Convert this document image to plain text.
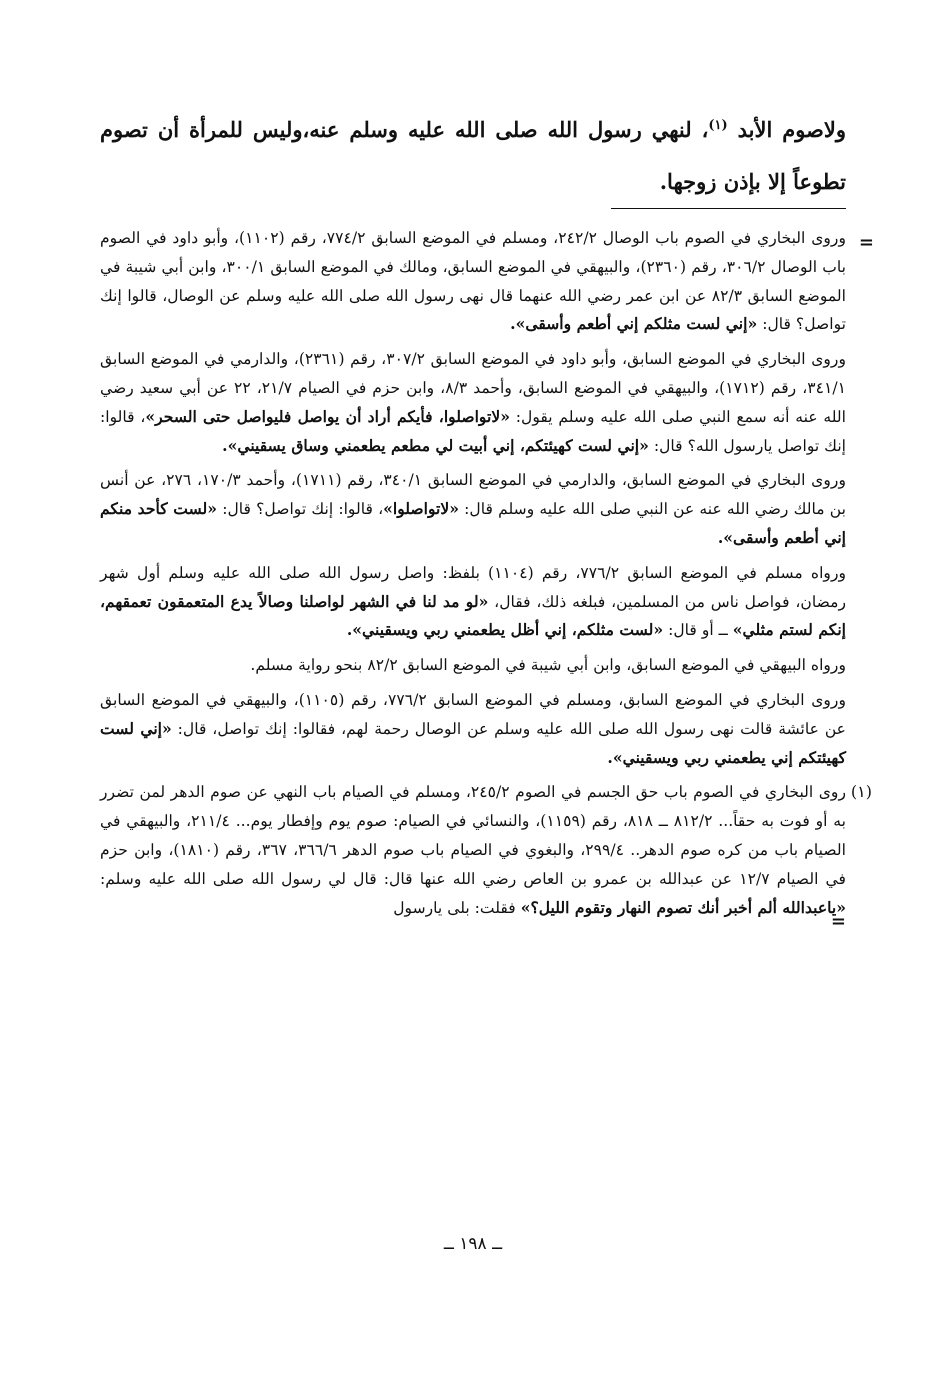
ولاصوم الأبد $^{(١)}$، لنهي رسول الله صلى الله عليه وسلم عنه،وليس للمرأة أن تصوم تطوعاً إلا بإذن زوجها.

=

وروى البخاري في الصوم باب الوصال ٢٤٢/٢، ومسلم في الموضع السابق ٧٧٤/٢، رقم (١١٠٢)، وأبو داود في الصوم باب الوصال ٣٠٦/٢، رقم (٢٣٦٠)، والبيهقي في الموضع السابق، ومالك في الموضع السابق ٣٠٠/١، وابن أبي شيبة في الموضع السابق ٨٢/٣ عن ابن عمر رضي الله عنهما قال نهى رسول الله صلى الله عليه وسلم عن الوصال، قالوا إنك تواصل؟ قال: «إني لست مثلكم إني أطعم وأسقى».

وروى البخاري في الموضع السابق، وأبو داود في الموضع السابق ٣٠٧/٢، رقم (٢٣٦١)، والدارمي في الموضع السابق ٣٤١/١، رقم (١٧١٢)، والبيهقي في الموضع السابق، وأحمد ٨/٣، وابن حزم في الصيام ٢١/٧، ٢٢ عن أبي سعيد رضي الله عنه أنه سمع النبي صلى الله عليه وسلم يقول: «لاتواصلوا، فأيكم أراد أن يواصل فليواصل حتى السحر»، قالوا: إنك تواصل يارسول الله؟ قال: «إني لست كهيئتكم، إني أبيت لي مطعم يطعمني وساق يسقيني».

وروى البخاري في الموضع السابق، والدارمي في الموضع السابق ٣٤٠/١، رقم (١٧١١)، وأحمد ١٧٠/٣، ٢٧٦، عن أنس بن مالك رضي الله عنه عن النبي صلى الله عليه وسلم قال: «لاتواصلوا»، قالوا: إنك تواصل؟ قال: «لست كأحد منكم إني أطعم وأسقى».

ورواه مسلم في الموضع السابق ٧٧٦/٢، رقم (١١٠٤) بلفظ: واصل رسول الله صلى الله عليه وسلم أول شهر رمضان، فواصل ناس من المسلمين، فبلغه ذلك، فقال، «لو مد لنا في الشهر لواصلنا وصالاً يدع المتعمقون تعمقهم، إنكم لستم مثلي» ــ أو قال: «لست مثلكم، إني أظل يطعمني ربي ويسقيني».

ورواه البيهقي في الموضع السابق، وابن أبي شيبة في الموضع السابق ٨٢/٢ بنحو رواية مسلم.

وروى البخاري في الموضع السابق، ومسلم في الموضع السابق ٧٧٦/٢، رقم (١١٠٥)، والبيهقي في الموضع السابق عن عائشة قالت نهى رسول الله صلى الله عليه وسلم عن الوصال رحمة لهم، فقالوا: إنك تواصل، قال: «إني لست كهيئتكم إني يطعمني ربي ويسقيني».

(١)

روى البخاري في الصوم باب حق الجسم في الصوم ٢٤٥/٢، ومسلم في الصيام باب النهي عن صوم الدهر لمن تضرر به أو فوت به حقاً... ٨١٢/٢ ــ ٨١٨، رقم (١١٥٩)، والنسائي في الصيام: صوم يوم وإفطار يوم... ٢١١/٤، والبيهقي في الصيام باب من كره صوم الدهر.. ٢٩٩/٤، والبغوي في الصيام باب صوم الدهر ٣٦٦/٦، ٣٦٧، رقم (١٨١٠)، وابن حزم في الصيام ١٢/٧ عن عبدالله بن عمرو بن العاص رضي الله عنها قال: قال لي رسول الله صلى الله عليه وسلم: «ياعبدالله ألم أخبر أنك تصوم النهار وتقوم الليل؟» فقلت: بلى يارسول

=
ــ ١٩٨ ــ
